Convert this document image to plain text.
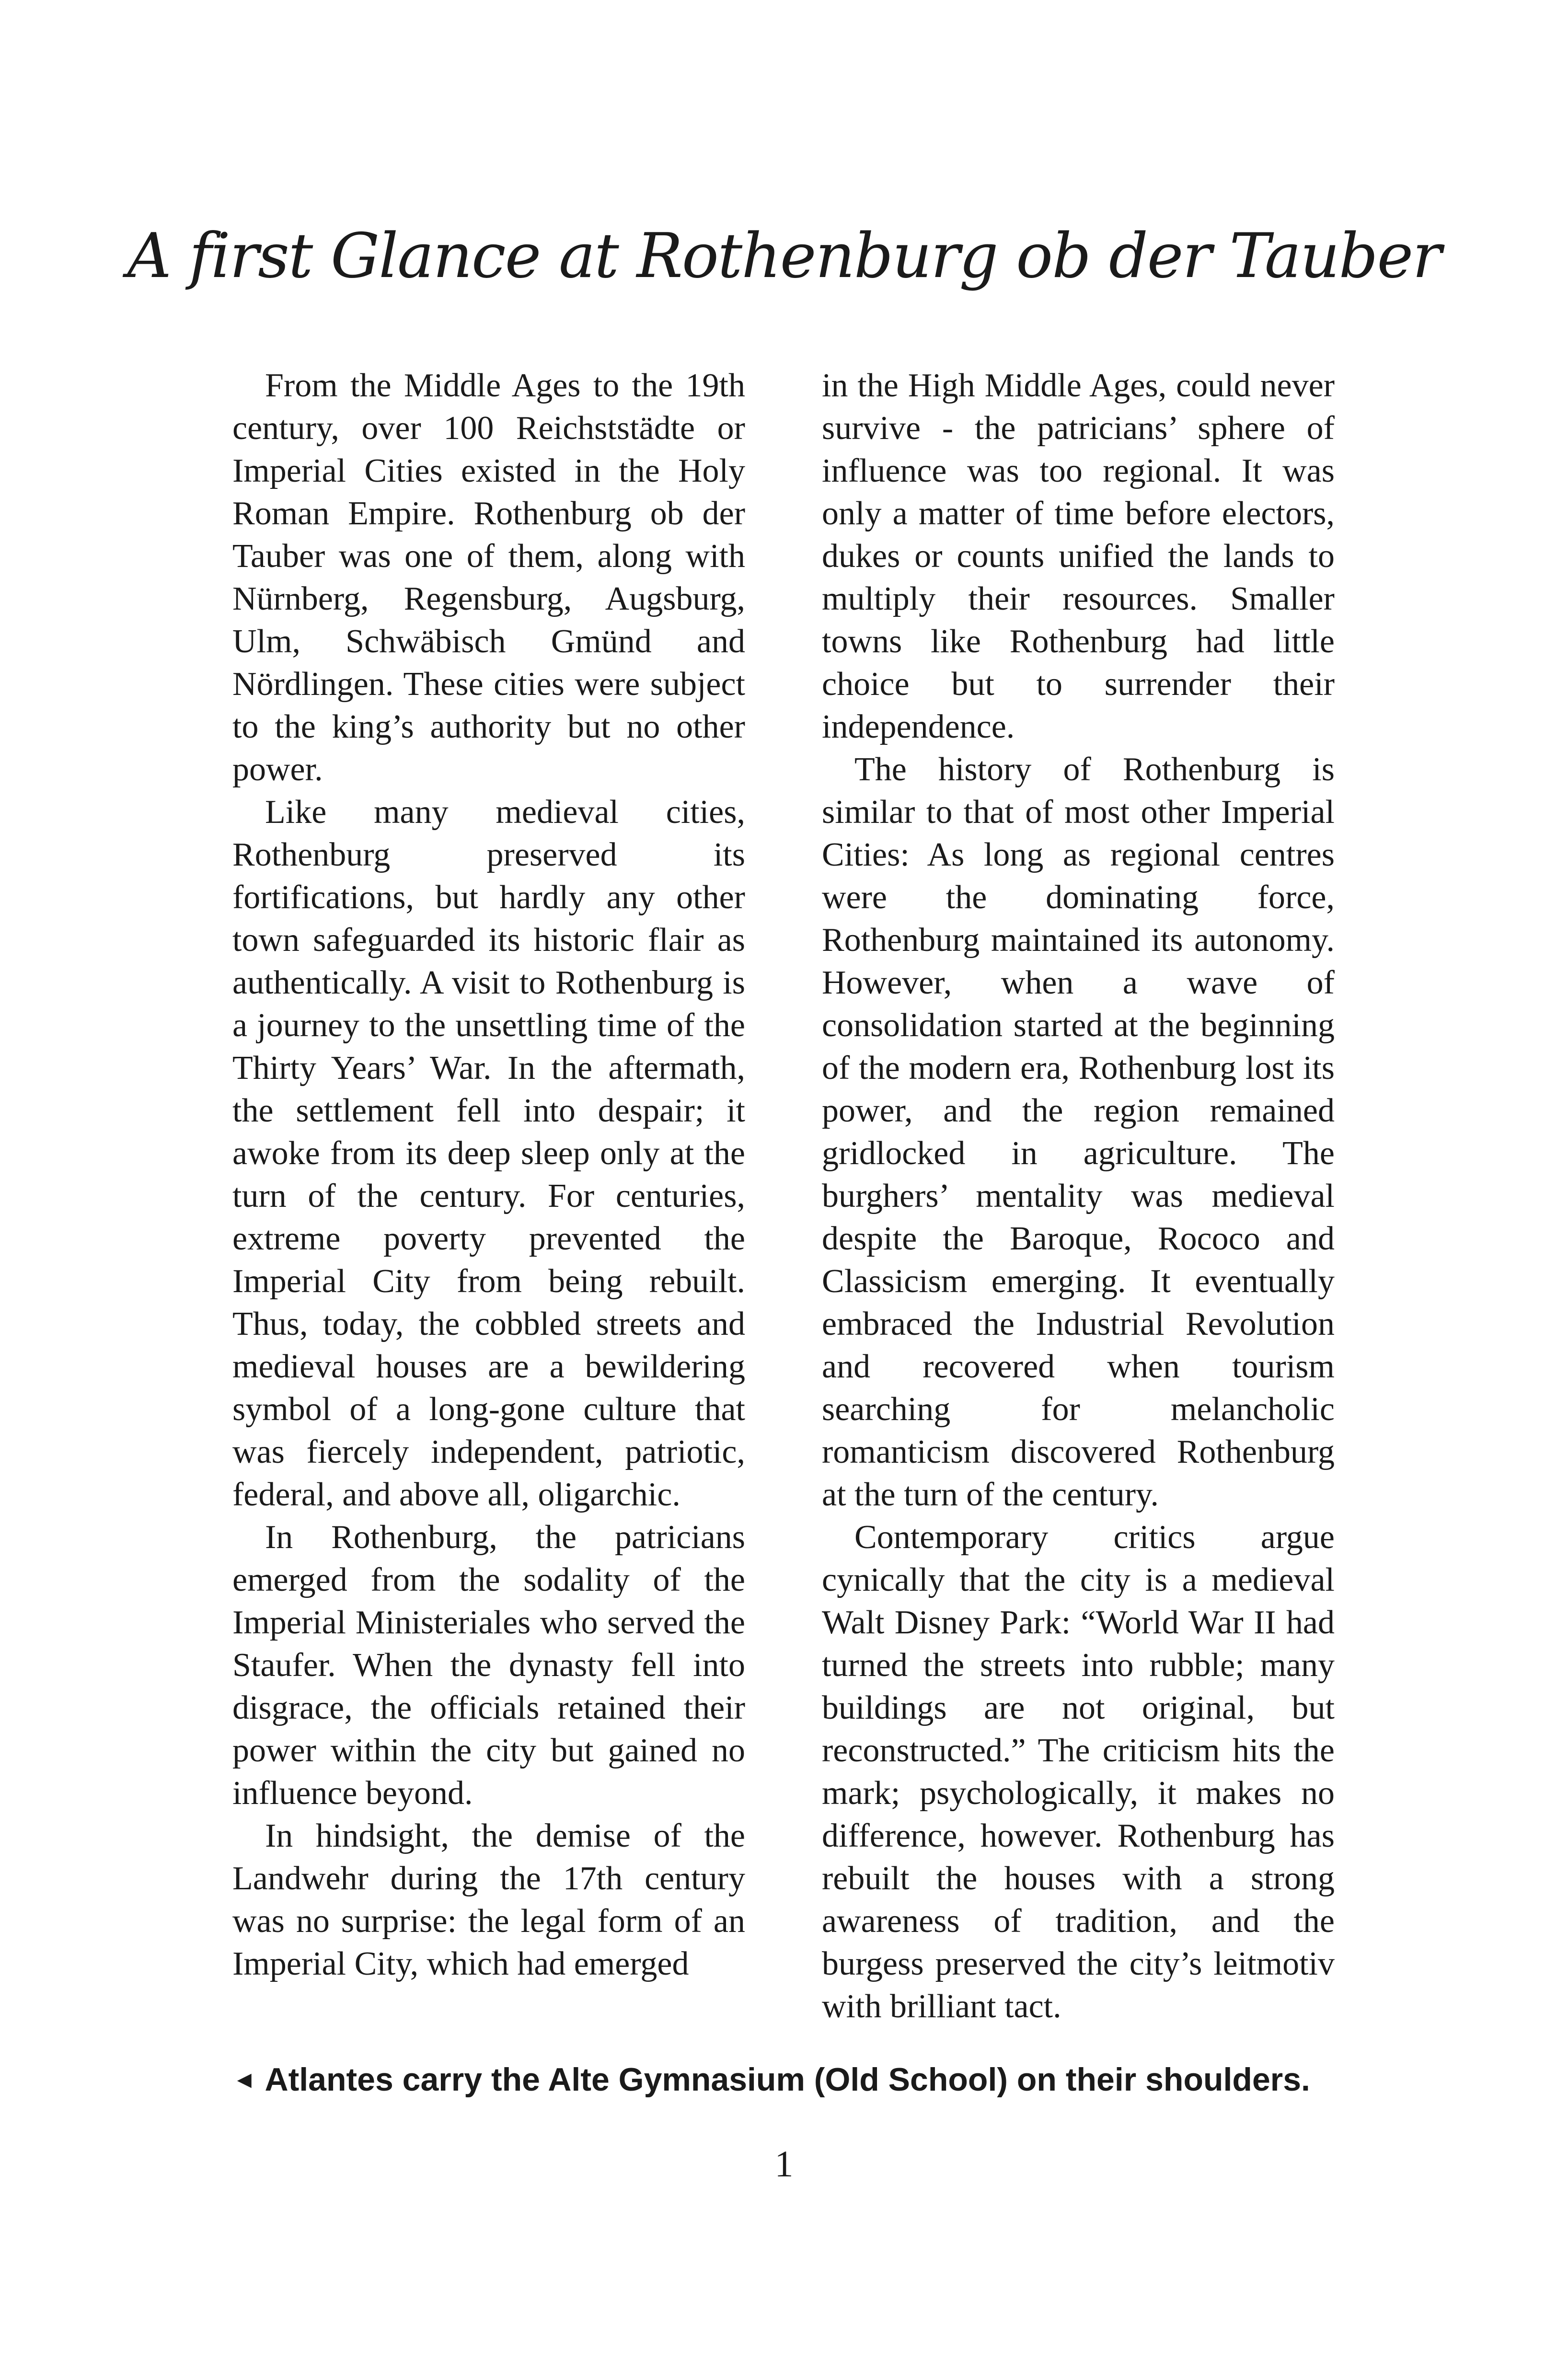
A first Glance at Rothenburg ob der Tauber

From the Middle Ages to the 19th century, over 100 Reichststädte or Imperial Cities existed in the Holy Roman Empire. Rothenburg ob der Tauber was one of them, along with Nürnberg, Regensburg, Augsburg, Ulm, Schwäbisch Gmünd and Nördlingen. These cities were subject to the king’s authority but no other power.

Like many medieval cities, Rothenburg preserved its fortifications, but hardly any other town safeguarded its historic flair as authentically. A visit to Rothenburg is a journey to the unsettling time of the Thirty Years’ War. In the aftermath, the settlement fell into despair; it awoke from its deep sleep only at the turn of the century. For centuries, extreme poverty prevented the Imperial City from being rebuilt. Thus, today, the cobbled streets and medieval houses are a bewildering symbol of a long-gone culture that was fiercely independent, patriotic, federal, and above all, oligarchic.

In Rothenburg, the patricians emerged from the sodality of the Imperial Ministeriales who served the Staufer. When the dynasty fell into disgrace, the officials retained their power within the city but gained no influence beyond.

In hindsight, the demise of the Landwehr during the 17th century was no surprise: the legal form of an Imperial City, which had emerged

in the High Middle Ages, could never survive - the patricians’ sphere of influence was too regional. It was only a matter of time before electors, dukes or counts unified the lands to multiply their resources. Smaller towns like Rothenburg had little choice but to surrender their independence.

The history of Rothenburg is similar to that of most other Imperial Cities: As long as regional centres were the dominating force, Rothenburg maintained its autonomy. However, when a wave of consolidation started at the beginning of the modern era, Rothenburg lost its power, and the region remained gridlocked in agriculture. The burghers’ mentality was medieval despite the Baroque, Rococo and Classicism emerging. It eventually embraced the Industrial Revolution and recovered when tourism searching for melancholic romanticism discovered Rothenburg at the turn of the century.

Contemporary critics argue cynically that the city is a medieval Walt Disney Park: “World War II had turned the streets into rubble; many buildings are not original, but reconstructed.” The criticism hits the mark; psychologically, it makes no difference, however. Rothenburg has rebuilt the houses with a strong awareness of tradition, and the burgess preserved the city’s leitmotiv with brilliant tact.

◄ Atlantes carry the Alte Gymnasium (Old School) on their shoulders.
1
